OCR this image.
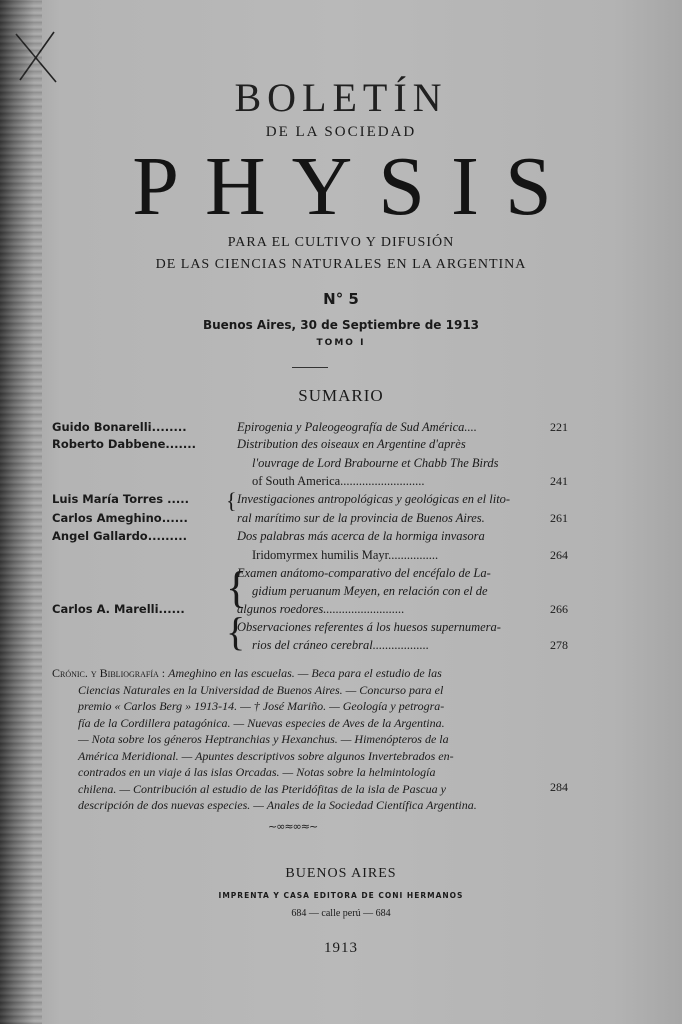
BOLETÍN
DE LA SOCIEDAD
PHYSIS
PARA EL CULTIVO Y DIFUSIÓN
DE LAS CIENCIAS NATURALES EN LA ARGENTINA
N° 5
Buenos Aires, 30 de Septiembre de 1913
TOMO I
SUMARIO
Guido Bonarelli........	Epirogenia y Paleogeografía de Sud América....	221
Roberto Dabbene.......	Distribution des oiseaux en Argentine d'après
l'ouvrage de Lord Brabourne et Chabb The Birds
of South America...........................	241
Luis María Torres .....	Investigaciones antropológicas y geológicas en el lito-
Carlos Ameghino......	ral marítimo sur de la provincia de Buenos Aires.	261
{
Angel Gallardo.........	Dos palabras más acerca de la hormiga invasora
Iridomyrmex humilis Mayr................	264
Examen anátomo-comparativo del encéfalo de La-
gidium peruanum Meyen, en relación con el de
Carlos A. Marelli......	algunos roedores..........................	266
Observaciones referentes á los huesos supernumera-
rios del cráneo cerebral..................	278
{
{
Crónic. y Bibliografía : Ameghino en las escuelas. — Beca para el estudio de las
Ciencias Naturales en la Universidad de Buenos Aires. — Concurso para el
premio « Carlos Berg » 1913-14. — † José Mariño. — Geología y petrogra-
fía de la Cordillera patagónica. — Nuevas especies de Aves de la Argentina.
— Nota sobre los géneros Heptranchias y Hexanchus. — Himenópteros de la
América Meridional. — Apuntes descriptivos sobre algunos Invertebrados en-
contrados en un viaje á las islas Orcadas. — Notas sobre la helmintología
chilena. — Contribución al estudio de las Pteridófitas de la isla de Pascua y
descripción de dos nuevas especies. — Anales de la Sociedad Científica Argentina.
284
~∞≈∞≈~
BUENOS AIRES
IMPRENTA Y CASA EDITORA DE CONI HERMANOS
684 — calle perú — 684
1913
